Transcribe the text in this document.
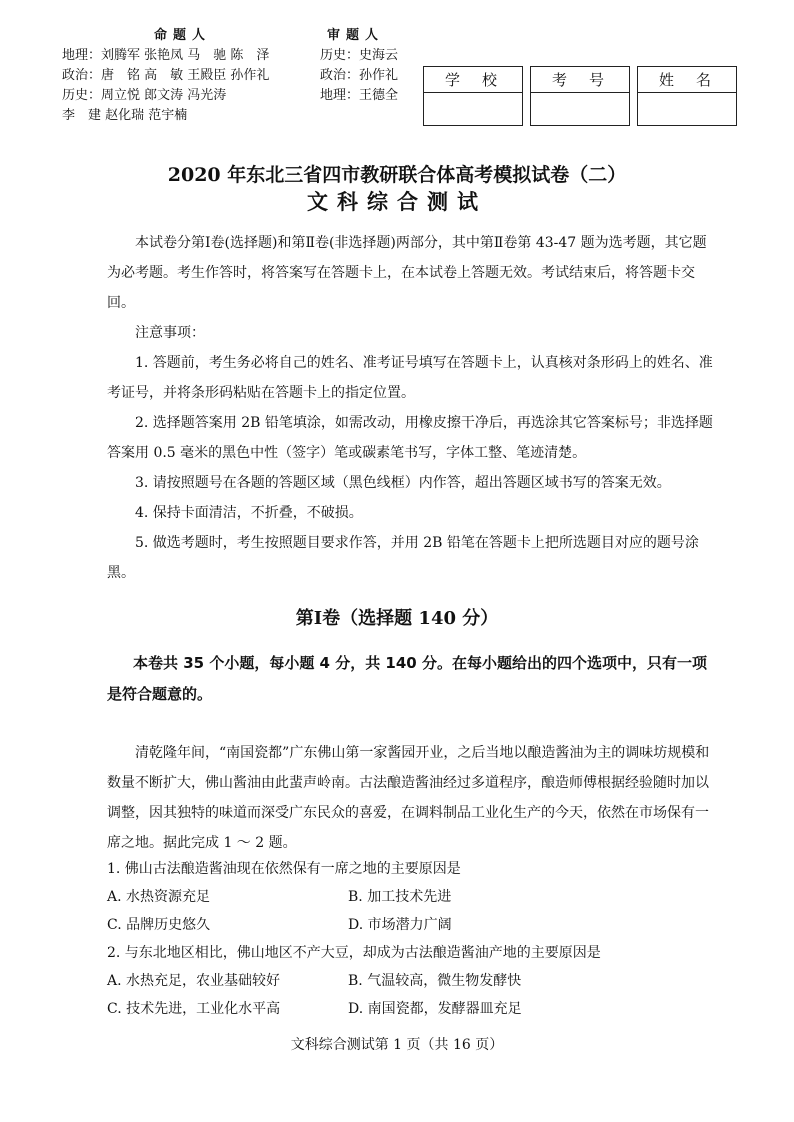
命题人	审题人
地理：刘腾军 张艳凤 马　驰 陈　泽	历史：史海云
政治：唐　铭 高　敏 王殿臣 孙作礼	政治：孙作礼
历史：周立悦 郎文涛 冯光涛	地理：王德全
李　建 赵化瑞 范宇楠
学校	考号	姓名
2020 年东北三省四市教研联合体高考模拟试卷（二）
文科综合测试

本试卷分第Ⅰ卷(选择题)和第Ⅱ卷(非选择题)两部分，其中第Ⅱ卷第 43-47 题为选考题，其它题为必考题。考生作答时，将答案写在答题卡上，在本试卷上答题无效。考试结束后，将答题卡交回。

注意事项：

1. 答题前，考生务必将自己的姓名、准考证号填写在答题卡上，认真核对条形码上的姓名、准考证号，并将条形码粘贴在答题卡上的指定位置。

2. 选择题答案用 2B 铅笔填涂，如需改动，用橡皮擦干净后，再选涂其它答案标号；非选择题答案用 0.5 毫米的黑色中性（签字）笔或碳素笔书写，字体工整、笔迹清楚。

3. 请按照题号在各题的答题区域（黑色线框）内作答，超出答题区域书写的答案无效。

4. 保持卡面清洁，不折叠，不破损。

5. 做选考题时，考生按照题目要求作答，并用 2B 铅笔在答题卡上把所选题目对应的题号涂黑。

第Ⅰ卷（选择题 140 分）

本卷共 35 个小题，每小题 4 分，共 140 分。在每小题给出的四个选项中，只有一项是符合题意的。

清乾隆年间，“南国瓷都”广东佛山第一家酱园开业，之后当地以酿造酱油为主的调味坊规模和数量不断扩大，佛山酱油由此蜚声岭南。古法酿造酱油经过多道程序，酿造师傅根据经验随时加以调整，因其独特的味道而深受广东民众的喜爱，在调料制品工业化生产的今天，依然在市场保有一席之地。据此完成 1 ～ 2 题。

1. 佛山古法酿造酱油现在依然保有一席之地的主要原因是
A. 水热资源充足	B. 加工技术先进
C. 品牌历史悠久	D. 市场潜力广阔
2. 与东北地区相比，佛山地区不产大豆，却成为古法酿造酱油产地的主要原因是
A. 水热充足，农业基础较好	B. 气温较高，微生物发酵快
C. 技术先进，工业化水平高	D. 南国瓷都，发酵器皿充足
文科综合测试第 1 页（共 16 页）
